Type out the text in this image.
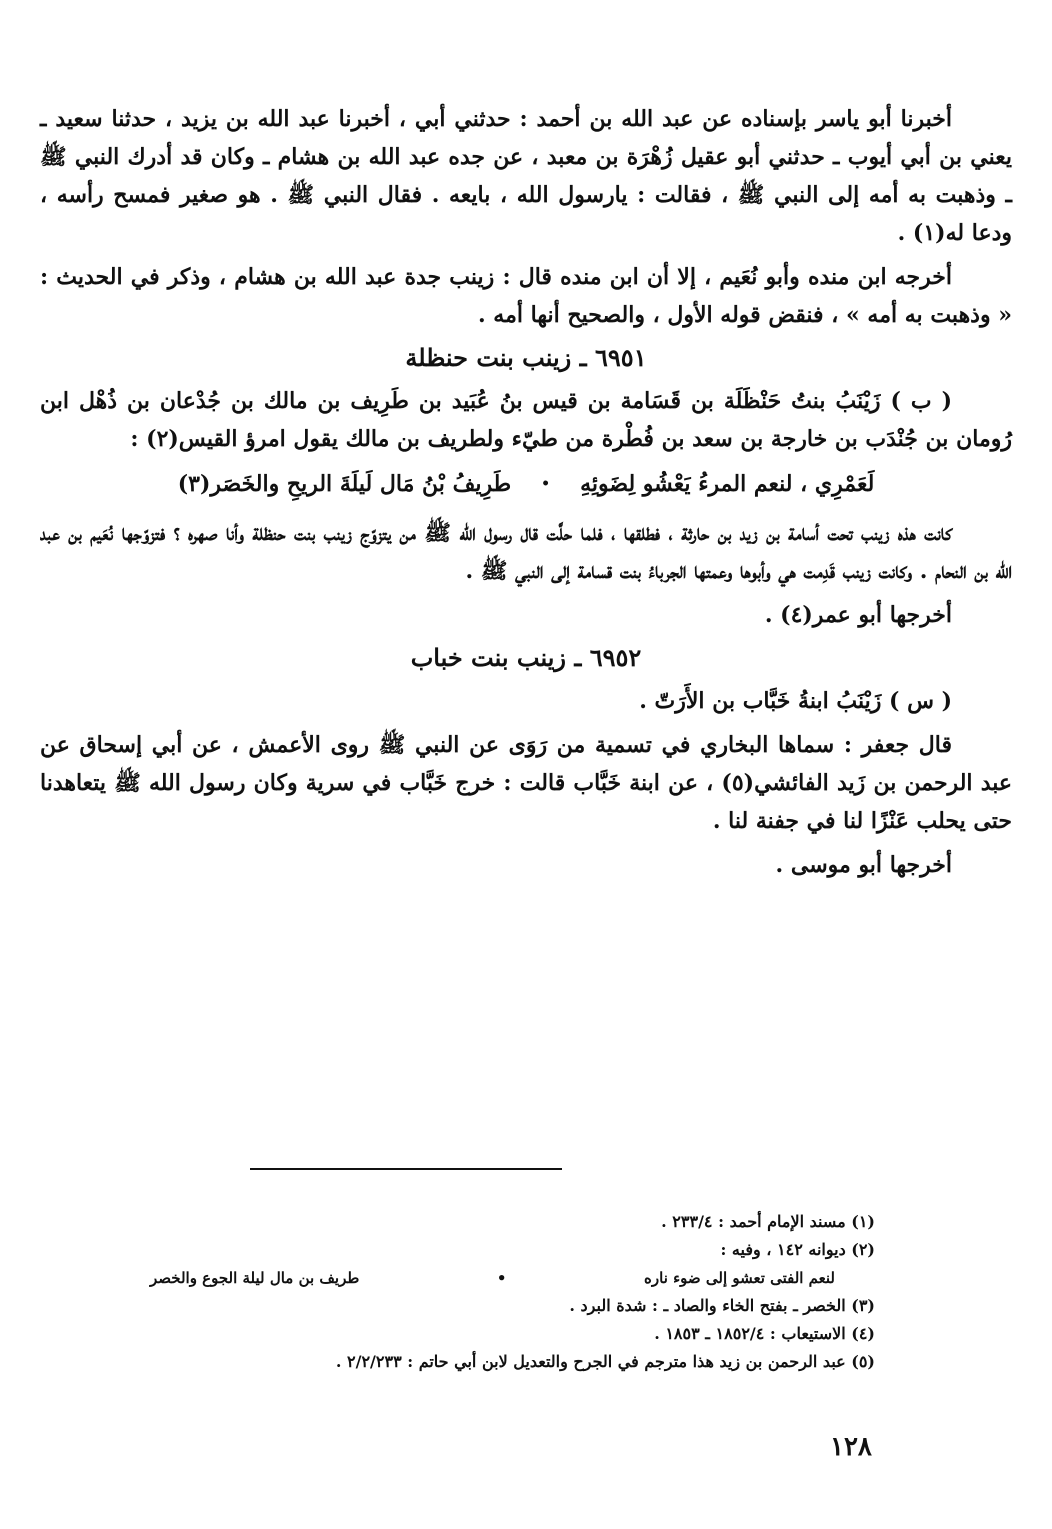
أخبرنا أبو ياسر بإسناده عن عبد الله بن أحمد : حدثني أبي ، أخبرنا عبد الله بن يزيد ، حدثنا سعيد ـ يعني بن أبي أيوب ـ حدثني أبو عقيل زُهْرَة بن معبد ، عن جده عبد الله بن هشام ـ وكان قد أدرك النبي ﷺ ـ وذهبت به أمه إلى النبي ﷺ ، فقالت : يارسول الله ، بايعه . فقال النبي ﷺ . هو صغير فمسح رأسه ، ودعا له(١) .

أخرجه ابن منده وأبو نُعَيم ، إلا أن ابن منده قال : زينب جدة عبد الله بن هشام ، وذكر في الحديث : « وذهبت به أمه » ، فنقض قوله الأول ، والصحيح أنها أمه .

٦٩٥١ ـ زينب بنت حنظلة

( ب ) زَيْنَبُ بنتُ حَنْظَلَة بن قَسَامة بن قيس بنُ عُبَيد بن طَرِيف بن مالك بن جُدْعان بن ذُهْل ابن رُومان بن جُنْدَب بن خارجة بن سعد بن فُطْرة من طيّء ولطريف بن مالك يقول امرؤ القيس(٢) :

لَعَمْرِي ، لنعم المرءُ يَعْشُو لِضَوئِهِ
•
طَرِيفُ بْنُ مَال لَيلَةَ الريحِ والخَصَر(٣)

كانت هذه زينب تحت أسامة بن زيد بن حارثة ، فطلقها ، فلما حلَّت قال رسول الله ﷺ من يتزوّج زينب بنت حنظلة وأنا صهره ؟ فتزوّجها نُعَيم بن عبد الله بن النحام . وكانت زينب قَدِمت هي وأبوها وعمتها الجرباءُ بنت قسامة إلى النبي ﷺ .

أخرجها أبو عمر(٤) .

٦٩٥٢ ـ زينب بنت خباب

( س ) زَيْنَبُ ابنةُ خَبَّاب بن الأَرَتّ .

قال جعفر : سماها البخاري في تسمية من رَوَى عن النبي ﷺ روى الأعمش ، عن أبي إسحاق عن عبد الرحمن بن زَيد الفائشي(٥) ، عن ابنة خَبَّاب قالت : خرج خَبَّاب في سرية وكان رسول الله ﷺ يتعاهدنا حتى يحلب عَنْزًا لنا في جفنة لنا .

أخرجها أبو موسى .

(١) مسند الإمام أحمد : ٢٣٣/٤ .

(٢) ديوانه ١٤٢ ، وفيه :

لنعم الفتى تعشو إلى ضوء ناره
•
طريف بن مال ليلة الجوع والخصر

(٣) الخصر ـ بفتح الخاء والصاد ـ : شدة البرد .

(٤) الاستيعاب : ١٨٥٢/٤ ـ ١٨٥٣ .

(٥) عبد الرحمن بن زيد هذا مترجم في الجرح والتعديل لابن أبي حاتم : ٢/٢/٢٣٣ .

١٢٨
